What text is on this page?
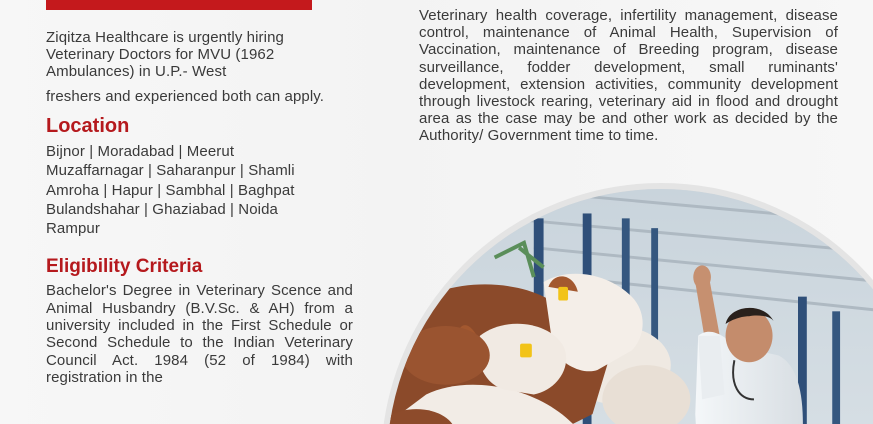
Ziqitza Healthcare is urgently hiring Veterinary Doctors for MVU (1962 Ambulances) in U.P.- West

freshers and experienced both can apply.

Location
Bijnor | Moradabad | Meerut
Muzaffarnagar | Saharanpur | Shamli
Amroha | Hapur | Sambhal | Baghpat
Bulandshahar | Ghaziabad | Noida
Rampur
Eligibility Criteria

Bachelor's Degree in Veterinary Scence and Animal Husbandry (B.V.Sc. & AH) from a university included in the First Schedule or Second Schedule to the Indian Veterinary Council Act. 1984 (52 of 1984) with registration in the

Veterinary health coverage, infertility management, disease control, maintenance of Animal Health, Supervision of Vaccination, maintenance of Breeding program, disease surveillance, fodder development, small ruminants' development, extension activities, community development through livestock rearing, veterinary aid in flood and drought area as the case may be and other work as decided by the Authority/ Government time to time.
